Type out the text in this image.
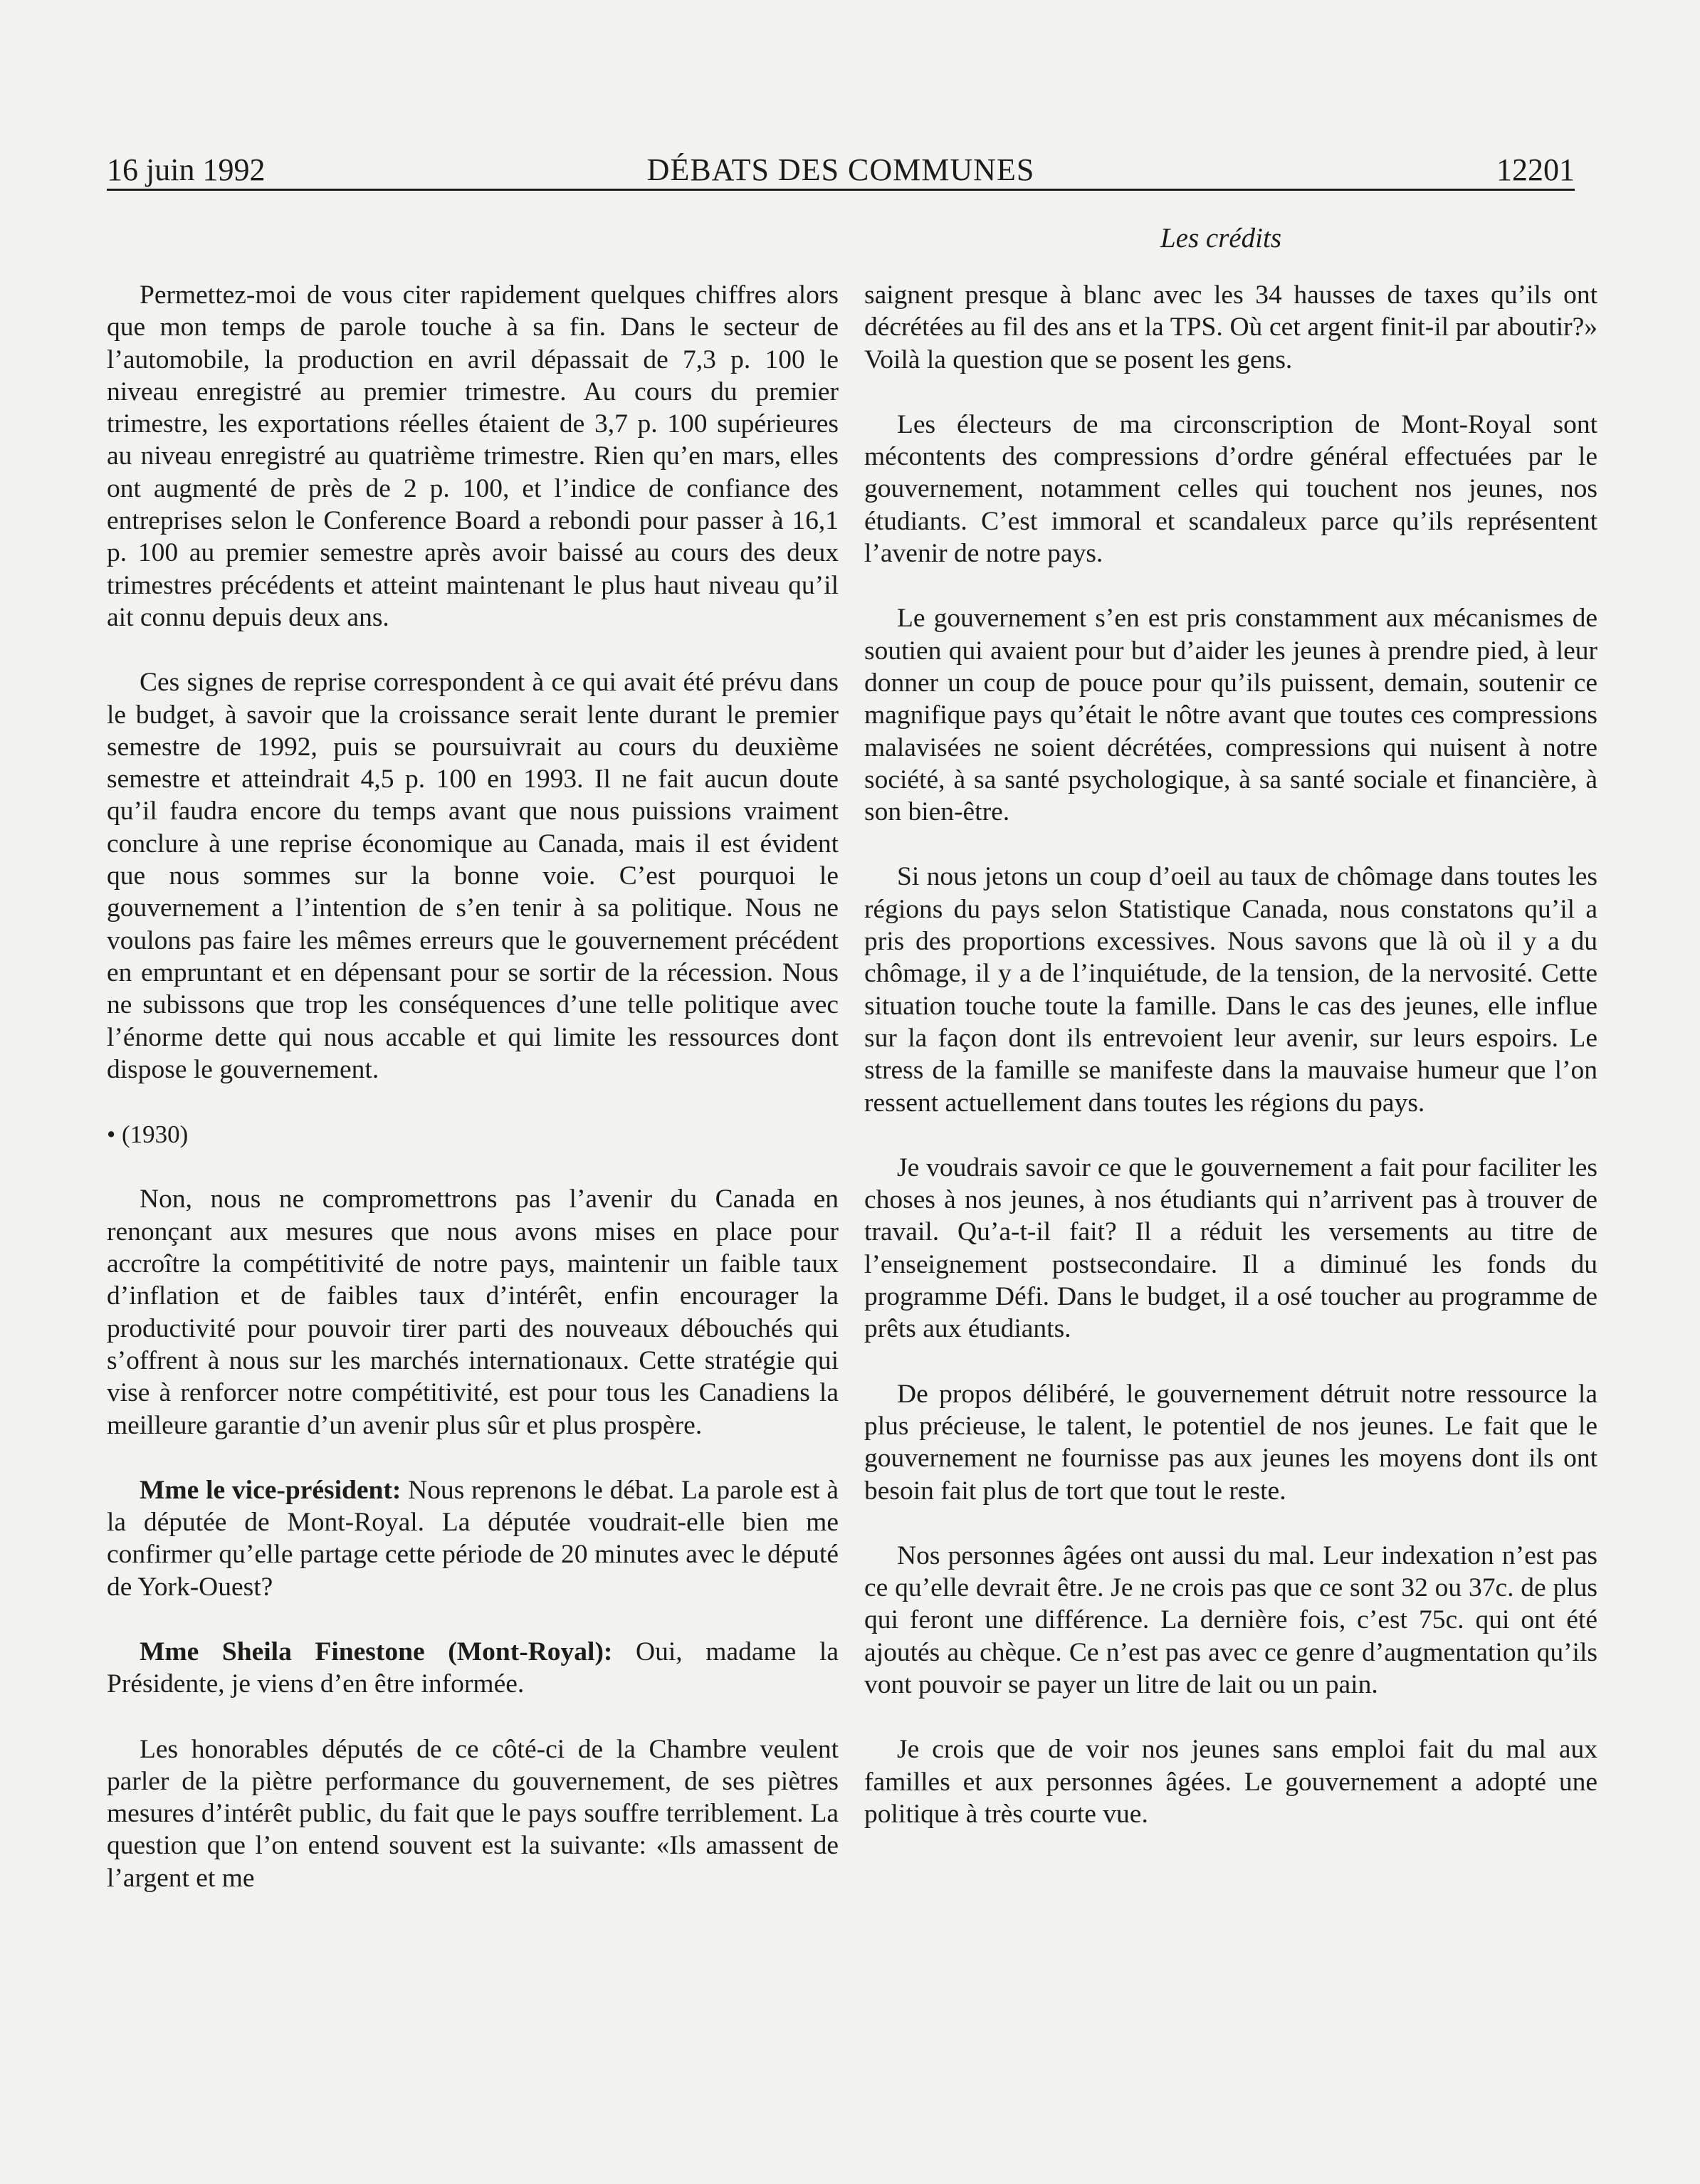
16 juin 1992	DÉBATS DES COMMUNES	12201
Les crédits

Permettez-moi de vous citer rapidement quelques chiffres alors que mon temps de parole touche à sa fin. Dans le secteur de l’automobile, la production en avril dépassait de 7,3 p. 100 le niveau enregistré au premier trimestre. Au cours du premier trimestre, les exportations réelles étaient de 3,7 p. 100 supérieures au niveau enregistré au quatrième trimestre. Rien qu’en mars, elles ont augmenté de près de 2 p. 100, et l’indice de confiance des entreprises selon le Conference Board a rebondi pour passer à 16,1 p. 100 au premier semestre après avoir baissé au cours des deux trimestres précédents et atteint maintenant le plus haut niveau qu’il ait connu depuis deux ans.

Ces signes de reprise correspondent à ce qui avait été prévu dans le budget, à savoir que la croissance serait lente durant le premier semestre de 1992, puis se poursuivrait au cours du deuxième semestre et atteindrait 4,5 p. 100 en 1993. Il ne fait aucun doute qu’il faudra encore du temps avant que nous puissions vraiment conclure à une reprise économique au Canada, mais il est évident que nous sommes sur la bonne voie. C’est pourquoi le gouvernement a l’intention de s’en tenir à sa politique. Nous ne voulons pas faire les mêmes erreurs que le gouvernement précédent en empruntant et en dépensant pour se sortir de la récession. Nous ne subissons que trop les conséquences d’une telle politique avec l’énorme dette qui nous accable et qui limite les ressources dont dispose le gouvernement.

• (1930)

Non, nous ne compromettrons pas l’avenir du Canada en renonçant aux mesures que nous avons mises en place pour accroître la compétitivité de notre pays, maintenir un faible taux d’inflation et de faibles taux d’intérêt, enfin encourager la productivité pour pouvoir tirer parti des nouveaux débouchés qui s’offrent à nous sur les marchés internationaux. Cette stratégie qui vise à renforcer notre compétitivité, est pour tous les Canadiens la meilleure garantie d’un avenir plus sûr et plus prospère.

Mme le vice-président: Nous reprenons le débat. La parole est à la députée de Mont-Royal. La députée voudrait-elle bien me confirmer qu’elle partage cette période de 20 minutes avec le député de York-Ouest?

Mme Sheila Finestone (Mont-Royal): Oui, madame la Présidente, je viens d’en être informée.

Les honorables députés de ce côté-ci de la Chambre veulent parler de la piètre performance du gouvernement, de ses piètres mesures d’intérêt public, du fait que le pays souffre terriblement. La question que l’on entend souvent est la suivante: «Ils amassent de l’argent et me

saignent presque à blanc avec les 34 hausses de taxes qu’ils ont décrétées au fil des ans et la TPS. Où cet argent finit-il par aboutir?» Voilà la question que se posent les gens.

Les électeurs de ma circonscription de Mont-Royal sont mécontents des compressions d’ordre général effectuées par le gouvernement, notamment celles qui touchent nos jeunes, nos étudiants. C’est immoral et scandaleux parce qu’ils représentent l’avenir de notre pays.

Le gouvernement s’en est pris constamment aux mécanismes de soutien qui avaient pour but d’aider les jeunes à prendre pied, à leur donner un coup de pouce pour qu’ils puissent, demain, soutenir ce magnifique pays qu’était le nôtre avant que toutes ces compressions malavisées ne soient décrétées, compressions qui nuisent à notre société, à sa santé psychologique, à sa santé sociale et financière, à son bien-être.

Si nous jetons un coup d’oeil au taux de chômage dans toutes les régions du pays selon Statistique Canada, nous constatons qu’il a pris des proportions excessives. Nous savons que là où il y a du chômage, il y a de l’inquiétude, de la tension, de la nervosité. Cette situation touche toute la famille. Dans le cas des jeunes, elle influe sur la façon dont ils entrevoient leur avenir, sur leurs espoirs. Le stress de la famille se manifeste dans la mauvaise humeur que l’on ressent actuellement dans toutes les régions du pays.

Je voudrais savoir ce que le gouvernement a fait pour faciliter les choses à nos jeunes, à nos étudiants qui n’arrivent pas à trouver de travail. Qu’a-t-il fait? Il a réduit les versements au titre de l’enseignement postsecondaire. Il a diminué les fonds du programme Défi. Dans le budget, il a osé toucher au programme de prêts aux étudiants.

De propos délibéré, le gouvernement détruit notre ressource la plus précieuse, le talent, le potentiel de nos jeunes. Le fait que le gouvernement ne fournisse pas aux jeunes les moyens dont ils ont besoin fait plus de tort que tout le reste.

Nos personnes âgées ont aussi du mal. Leur indexation n’est pas ce qu’elle devrait être. Je ne crois pas que ce sont 32 ou 37c. de plus qui feront une différence. La dernière fois, c’est 75c. qui ont été ajoutés au chèque. Ce n’est pas avec ce genre d’augmentation qu’ils vont pouvoir se payer un litre de lait ou un pain.

Je crois que de voir nos jeunes sans emploi fait du mal aux familles et aux personnes âgées. Le gouvernement a adopté une politique à très courte vue.
